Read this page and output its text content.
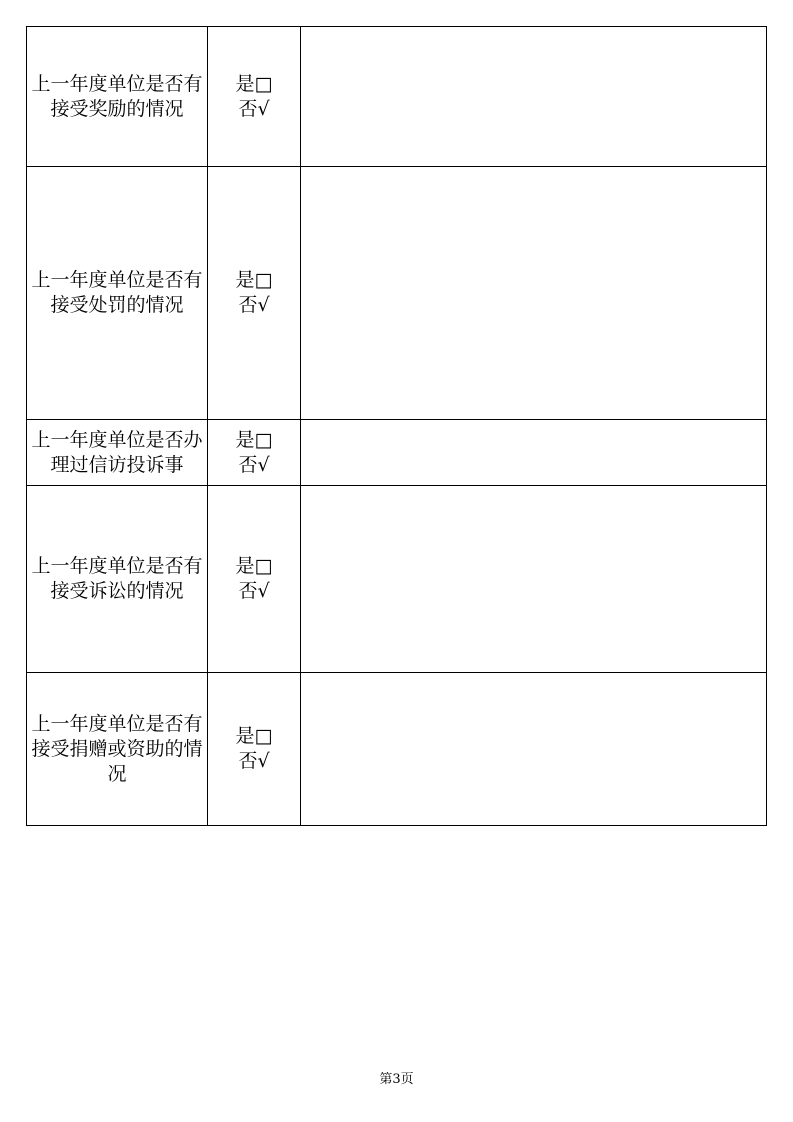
上一年度单位是否有接受奖励的情况	是□
否√	

上一年度单位是否有接受处罚的情况	是□
否√	

上一年度单位是否办理过信访投诉事	是□
否√	

上一年度单位是否有接受诉讼的情况	是□
否√	

上一年度单位是否有接受捐赠或资助的情况	是□
否√	

第3页
